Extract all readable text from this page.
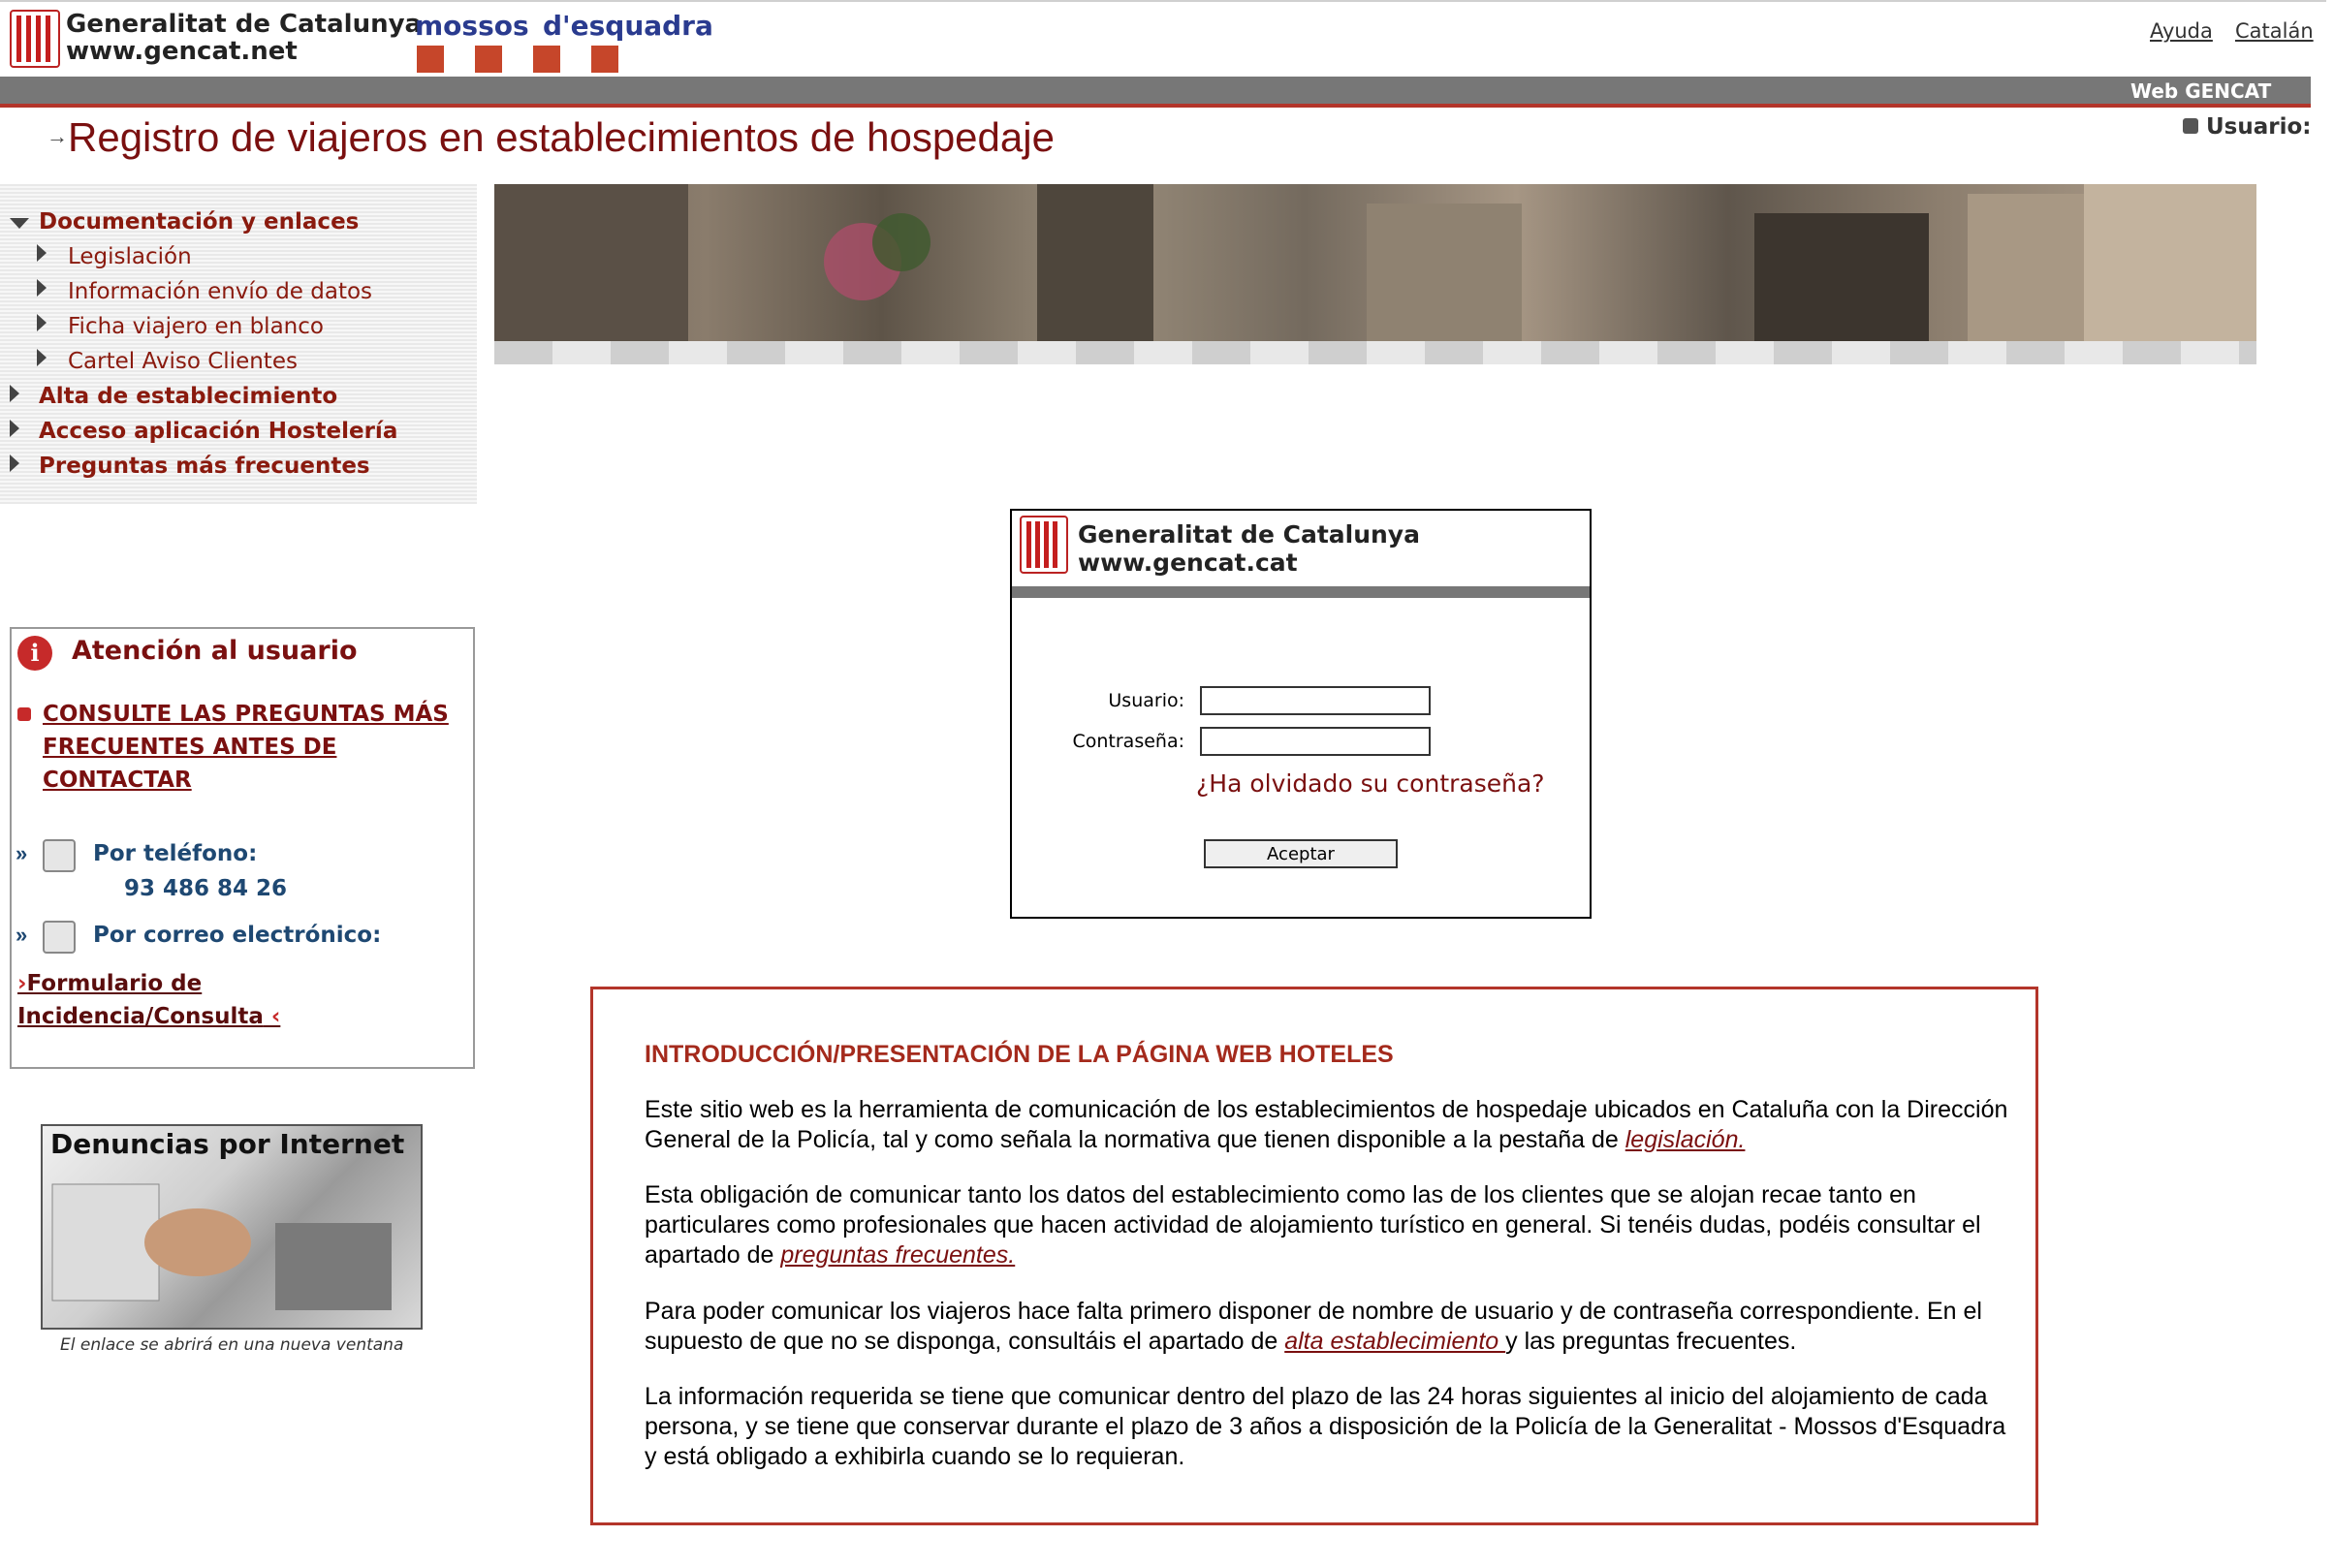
Generalitat de Catalunya
www.gencat.net
mossos d'esquadra	Ayuda Catalán
Web GENCAT
→ Registro de viajeros en establecimientos de hospedaje	Usuario:
Documentación y enlaces
Legislación
Información envío de datos
Ficha viajero en blanco
Cartel Aviso Clientes
Alta de establecimiento
Acceso aplicación Hostelería
Preguntas más frecuentes
Generalitat de Catalunya
www.gencat.cat
Usuario:
Contraseña:
¿Ha olvidado su contraseña?
Aceptar
i	Atención al usuario
CONSULTE LAS PREGUNTAS MÁS
FRECUENTES ANTES DE
CONTACTAR
»	Por teléfono:
93 486 84 26
»	Por correo electrónico:
›Formulario de
Incidencia/Consulta ‹
Denuncias por Internet
El enlace se abrirá en una nueva ventana
INTRODUCCIÓN/PRESENTACIÓN DE LA PÁGINA WEB HOTELES

Este sitio web es la herramienta de comunicación de los establecimientos de hospedaje ubicados en Cataluña con la Dirección General de la Policía, tal y como señala la normativa que tienen disponible a la pestaña de legislación.

Esta obligación de comunicar tanto los datos del establecimiento como las de los clientes que se alojan recae tanto en particulares como profesionales que hacen actividad de alojamiento turístico en general. Si tenéis dudas, podéis consultar el apartado de preguntas frecuentes.

Para poder comunicar los viajeros hace falta primero disponer de nombre de usuario y de contraseña correspondiente. En el supuesto de que no se disponga, consultáis el apartado de alta establecimiento y las preguntas frecuentes.

La información requerida se tiene que comunicar dentro del plazo de las 24 horas siguientes al inicio del alojamiento de cada persona, y se tiene que conservar durante el plazo de 3 años a disposición de la Policía de la Generalitat - Mossos d'Esquadra y está obligado a exhibirla cuando se lo requieran.
